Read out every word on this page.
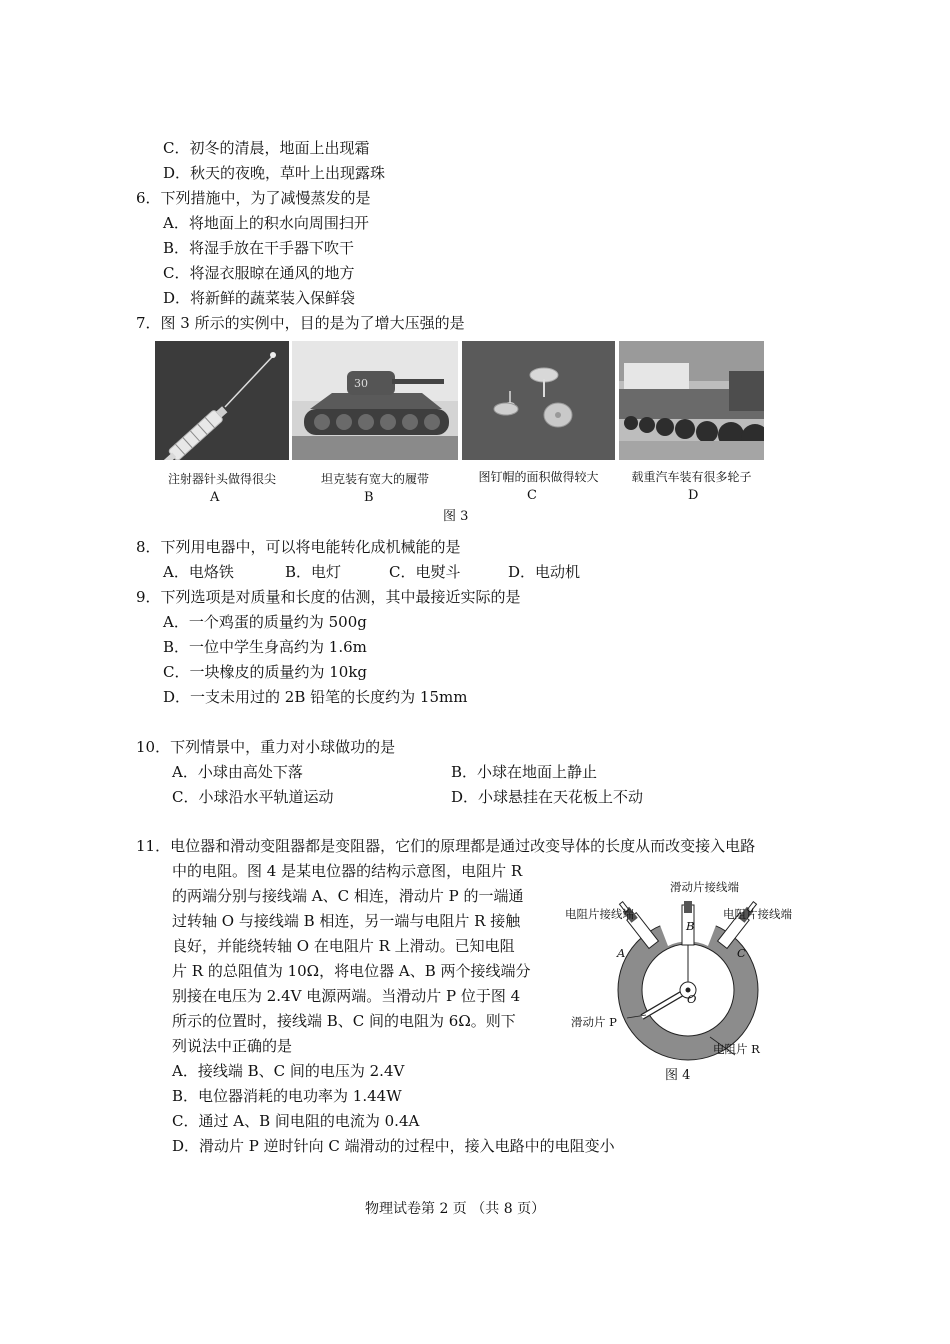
C．初冬的清晨，地面上出现霜
D．秋天的夜晚，草叶上出现露珠
6．下列措施中，为了减慢蒸发的是
A．将地面上的积水向周围扫开
B．将湿手放在干手器下吹干
C．将湿衣服晾在通风的地方
D．将新鲜的蔬菜装入保鲜袋
7．图 3 所示的实例中，目的是为了增大压强的是
30
注射器针头做得很尖	坦克装有宽大的履带	图钉帽的面积做得较大	载重汽车装有很多轮子
A	B	C	D
图 3
8．下列用电器中，可以将电能转化成机械能的是
A．电烙铁	B．电灯	C．电熨斗	D．电动机
9．下列选项是对质量和长度的估测，其中最接近实际的是
A．一个鸡蛋的质量约为 500g
B．一位中学生身高约为 1.6m
C．一块橡皮的质量约为 10kg
D．一支未用过的 2B 铅笔的长度约为 15mm
10．下列情景中，重力对小球做功的是
A．小球由高处下落	B．小球在地面上静止
C．小球沿水平轨道运动	D．小球悬挂在天花板上不动
11．电位器和滑动变阻器都是变阻器，它们的原理都是通过改变导体的长度从而改变接入电路
中的电阻。图 4 是某电位器的结构示意图，电阻片 R
的两端分别与接线端 A、C 相连，滑动片 P 的一端通
过转轴 O 与接线端 B 相连，另一端与电阻片 R 接触
良好，并能绕转轴 O 在电阻片 R 上滑动。已知电阻
片 R 的总阻值为 10Ω，将电位器 A、B 两个接线端分
别接在电压为 2.4V 电源两端。当滑动片 P 位于图 4
所示的位置时，接线端 B、C 间的电阻为 6Ω。则下
列说法中正确的是
A．接线端 B、C 间的电压为 2.4V
B．电位器消耗的电功率为 1.44W
C．通过 A、B 间电阻的电流为 0.4A
D．滑动片 P 逆时针向 C 端滑动的过程中，接入电路中的电阻变小
滑动片接线端
电阻片接线端	电阻片接线端
B
A	C
O
滑动片 P
电阻片 R
图 4
物理试卷第 2 页 （共 8 页）
